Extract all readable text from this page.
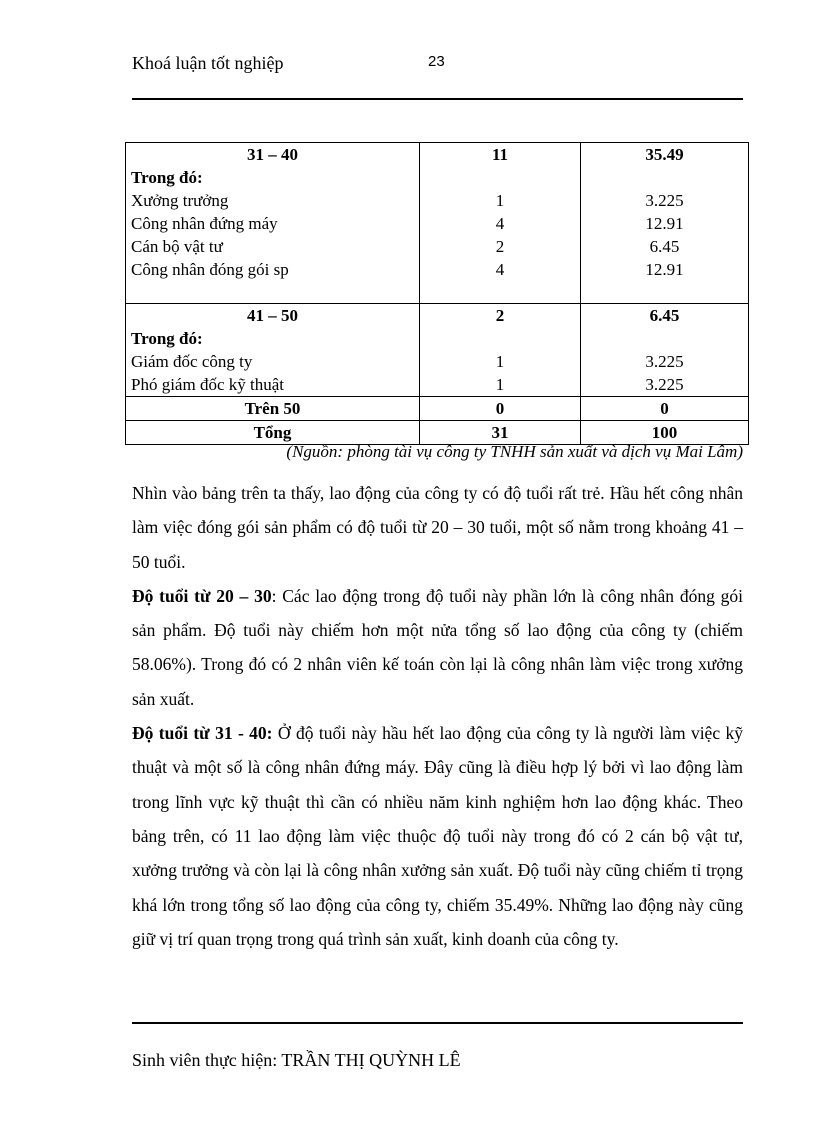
Khoá luận tốt nghiệp	23
31 – 40	11	35.49
Trong đó:		
Xưởng trưởng	1	3.225
Công nhân đứng máy	4	12.91
Cán bộ vật tư	2	6.45
Công nhân đóng gói sp	4	12.91

41 – 50	2	6.45
Trong đó:		
Giám đốc công ty	1	3.225
Phó giám đốc kỹ thuật	1	3.225
Trên 50	0	0
Tổng	31	100
(Nguồn: phòng tài vụ công ty TNHH sản xuất và dịch vụ Mai Lâm)

Nhìn vào bảng trên ta thấy, lao động của công ty có độ tuổi rất trẻ. Hầu hết công nhân làm việc đóng gói sản phẩm có độ tuổi từ 20 – 30 tuổi, một số nằm trong khoảng 41 – 50 tuổi.

Độ tuổi từ 20 – 30: Các lao động trong độ tuổi này phần lớn là công nhân đóng gói sản phẩm. Độ tuổi này chiếm hơn một nửa tổng số lao động của công ty (chiếm 58.06%). Trong đó có 2 nhân viên kế toán còn lại là công nhân làm việc trong xưởng sản xuất.

Độ tuổi từ 31 - 40: Ở độ tuổi này hầu hết lao động của công ty là người làm việc kỹ thuật và một số là công nhân đứng máy. Đây cũng là điều hợp lý bởi vì lao động làm trong lĩnh vực kỹ thuật thì cần có nhiều năm kinh nghiệm hơn lao động khác. Theo bảng trên, có 11 lao động làm việc thuộc độ tuổi này trong đó có 2 cán bộ vật tư, xưởng trưởng và còn lại là công nhân xưởng sản xuất. Độ tuổi này cũng chiếm tỉ trọng khá lớn trong tổng số lao động của công ty, chiếm 35.49%. Những lao động này cũng giữ vị trí quan trọng trong quá trình sản xuất, kinh doanh của công ty.

Sinh viên thực hiện: TRẦN THỊ QUỲNH LÊ
